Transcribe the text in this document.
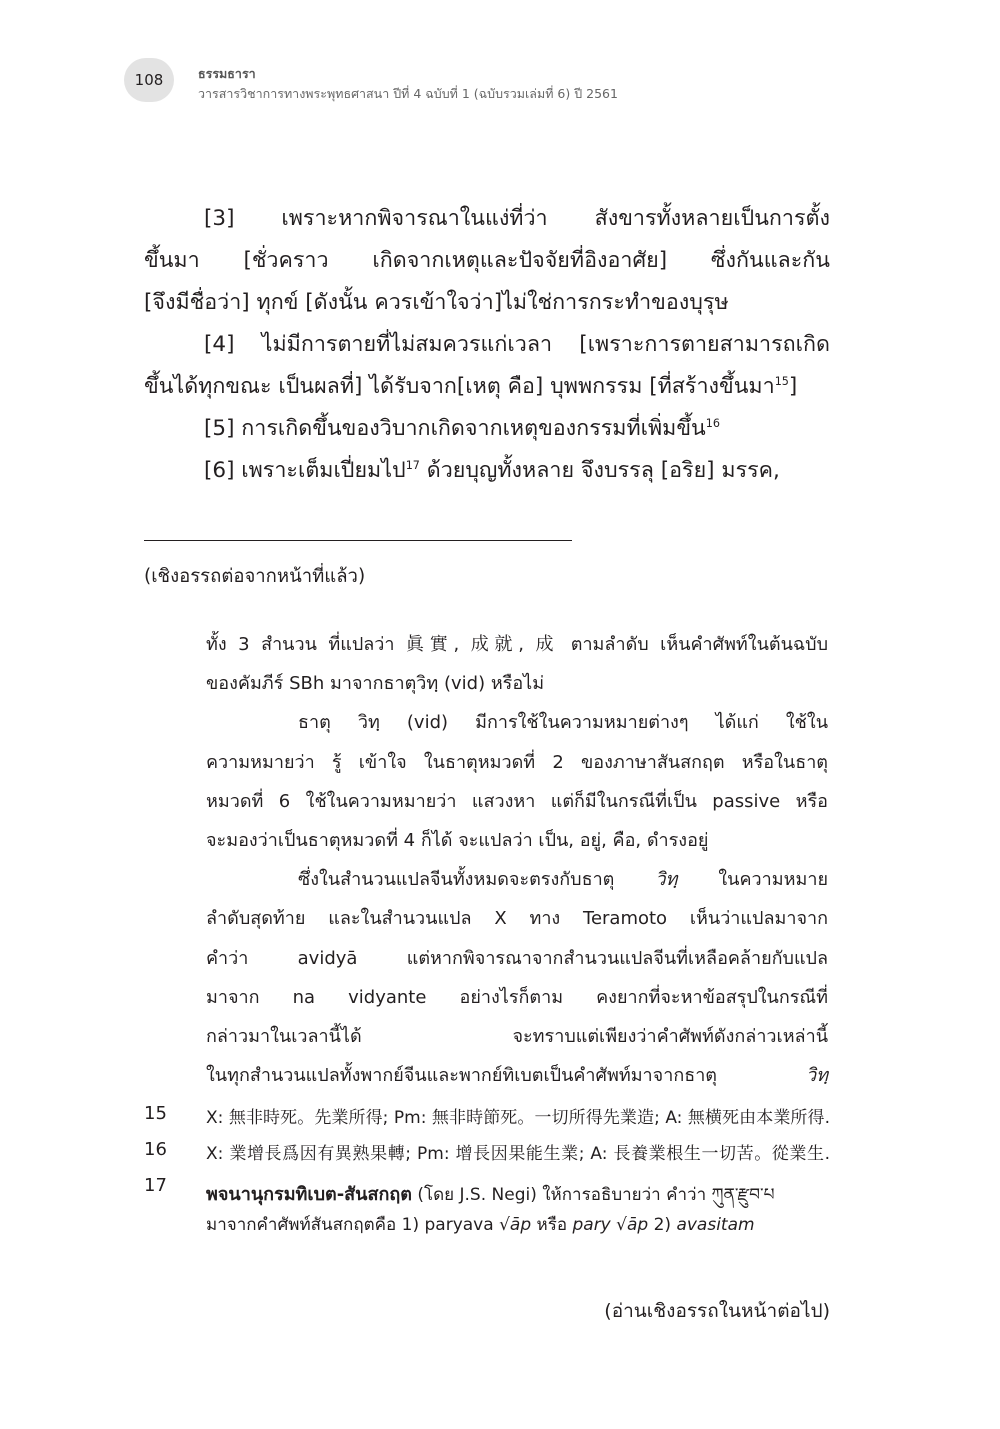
108	ธรรมธารา
วารสารวิชาการทางพระพุทธศาสนา ปีที่ 4 ฉบับที่ 1 (ฉบับรวมเล่มที่ 6) ปี 2561
[3] เพราะหากพิจารณาในแง่ที่ว่า สังขารทั้งหลายเป็นการตั้ง
ขึ้นมา [ชั่วคราว เกิดจากเหตุและปัจจัยที่อิงอาศัย] ซึ่งกันและกัน
[จึงมีชื่อว่า] ทุกข์ [ดังนั้น ควรเข้าใจว่า]ไม่ใช่การกระทำของบุรุษ
[4] ไม่มีการตายที่ไม่สมควรแก่เวลา [เพราะการตายสามารถเกิด
ขึ้นได้ทุกขณะ เป็นผลที่] ได้รับจาก[เหตุ คือ] บุพพกรรม [ที่สร้างขึ้นมา$^{15}$]
[5] การเกิดขึ้นของวิบากเกิดจากเหตุของกรรมที่เพิ่มขึ้น$^{16}$
[6] เพราะเต็มเปี่ยมไป$^{17}$ ด้วยบุญทั้งหลาย จึงบรรลุ [อริย] มรรค,
(เชิงอรรถต่อจากหน้าที่แล้ว)
ทั้ง 3 สำนวน ที่แปลว่า 眞實, 成就, 成 ตามลำดับ เห็นคำศัพท์ในต้นฉบับ
ของคัมภีร์ SBh มาจากธาตุวิทฺ (vid) หรือไม่
ธาตุ วิทฺ (vid) มีการใช้ในความหมายต่างๆ ได้แก่ ใช้ใน
ความหมายว่า รู้ เข้าใจ ในธาตุหมวดที่ 2 ของภาษาสันสกฤต หรือในธาตุ
หมวดที่ 6 ใช้ในความหมายว่า แสวงหา แต่ก็มีในกรณีที่เป็น passive หรือ
จะมองว่าเป็นธาตุหมวดที่ 4 ก็ได้ จะแปลว่า เป็น, อยู่, คือ, ดำรงอยู่
ซึ่งในสำนวนแปลจีนทั้งหมดจะตรงกับธาตุ วิทฺ ในความหมาย
ลำดับสุดท้าย และในสำนวนแปล X ทาง Teramoto เห็นว่าแปลมาจาก
คำว่า avidyā แต่หากพิจารณาจากสำนวนแปลจีนที่เหลือคล้ายกับแปล
มาจาก na vidyante อย่างไรก็ตาม คงยากที่จะหาข้อสรุปในกรณีที่
กล่าวมาในเวลานี้ได้ จะทราบแต่เพียงว่าคำศัพท์ดังกล่าวเหล่านี้
ในทุกสำนวนแปลทั้งพากย์จีนและพากย์ทิเบตเป็นคำศัพท์มาจากธาตุ วิทฺ
15 X: 無非時死。先業所得; Pm: 無非時節死。一切所得先業造; A: 無横死由本業所得.
16 X: 業增長爲因有異熟果轉; Pm: 增長因果能生業; A: 長養業根生一切苦。從業生.
17 พจนานุกรมทิเบต-สันสกฤต (โดย J.S. Negi) ให้การอธิบายว่า คำว่า ཀུན་རྫུབ་པ
มาจากคำศัพท์สันสกฤตคือ 1) paryava √āp หรือ pary √āp 2) avasitam
(อ่านเชิงอรรถในหน้าต่อไป)
